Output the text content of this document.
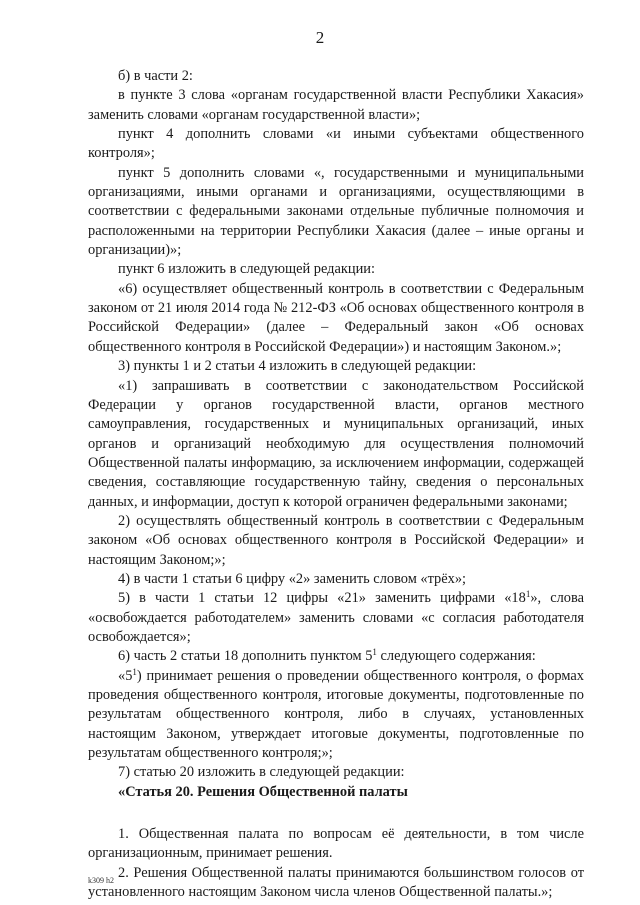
2

б) в части 2:

в пункте 3 слова «органам государственной власти Республики Хакасия» заменить словами «органам государственной власти»;

пункт 4 дополнить словами «и иными субъектами общественного контроля»;

пункт 5 дополнить словами «, государственными и муниципальными организациями, иными органами и организациями, осуществляющими в соответствии с федеральными законами отдельные публичные полномочия и расположенными на территории Республики Хакасия (далее – иные органы и организации)»;

пункт 6 изложить в следующей редакции:

«6) осуществляет общественный контроль в соответствии с Федеральным законом от 21 июля 2014 года № 212-ФЗ «Об основах общественного контроля в Российской Федерации» (далее – Федеральный закон «Об основах общественного контроля в Российской Федерации») и настоящим Законом.»;

3) пункты 1 и 2 статьи 4 изложить в следующей редакции:

«1) запрашивать в соответствии с законодательством Российской Федерации у органов государственной власти, органов местного самоуправления, государственных и муниципальных организаций, иных органов и организаций необходимую для осуществления полномочий Общественной палаты информацию, за исключением информации, содержащей сведения, составляющие государственную тайну, сведения о персональных данных, и информации, доступ к которой ограничен федеральными законами;

2) осуществлять общественный контроль в соответствии с Федеральным законом «Об основах общественного контроля в Российской Федерации» и настоящим Законом;»;

4) в части 1 статьи 6 цифру «2» заменить словом «трёх»;

5) в части 1 статьи 12 цифры «21» заменить цифрами «$18^1$», слова «освобождается работодателем» заменить словами «с согласия работодателя освобождается»;

6) часть 2 статьи 18 дополнить пунктом $5^1$ следующего содержания:

«$5^1$) принимает решения о проведении общественного контроля, о формах проведения общественного контроля, итоговые документы, подготовленные по результатам общественного контроля, либо в случаях, установленных настоящим Законом, утверждает итоговые документы, подготовленные по результатам общественного контроля;»;

7) статью 20 изложить в следующей редакции:

«Статья 20. Решения Общественной палаты

1. Общественная палата по вопросам её деятельности, в том числе организационным, принимает решения.

2. Решения Общественной палаты принимаются большинством голосов от установленного настоящим Законом числа членов Общественной палаты.»;

k309 h2
